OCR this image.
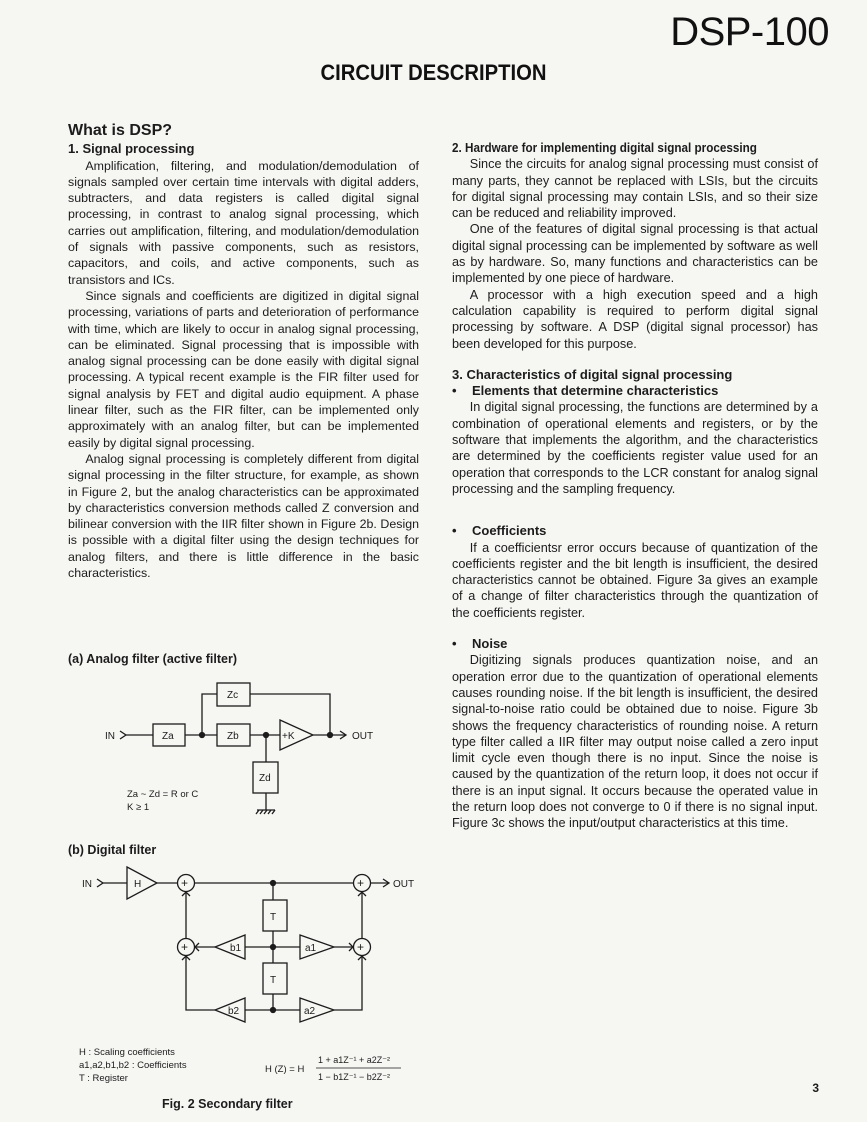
DSP-100
CIRCUIT DESCRIPTION
What is DSP?
1. Signal processing

Amplification, filtering, and modulation/demodulation of signals sampled over certain time intervals with digital adders, subtracters, and data registers is called digital signal processing, in contrast to analog signal processing, which carries out amplification, filtering, and modulation/demodulation of signals with passive components, such as resistors, capacitors, and coils, and active components, such as transistors and ICs.

Since signals and coefficients are digitized in digital signal processing, variations of parts and deterioration of performance with time, which are likely to occur in analog signal processing, can be eliminated. Signal processing that is impossible with analog signal processing can be done easily with digital signal processing. A typical recent example is the FIR filter used for signal analysis by FET and digital audio equipment. A phase linear filter, such as the FIR filter, can be implemented only approximately with an analog filter, but can be implemented easily by digital signal processing.

Analog signal processing is completely different from digital signal processing in the filter structure, for example, as shown in Figure 2, but the analog characteristics can be approximated by characteristics conversion methods called Z conversion and bilinear conversion with the IIR filter shown in Figure 2b. Design is possible with a digital filter using the design techniques for analog filters, and there is little difference in the basic characteristics.

(a) Analog filter (active filter)
(b) Digital filter
IN	Za	Zb
Zc
+K	OUT
Zd
Za ~ Zd = R or C
K ≥ 1
IN	H	+	+	OUT
T
T
+	b1	a1	+
b2	a2
H : Scaling coefficients
a1,a2,b1,b2 : Coefficients
T : Register
H (Z) = H
1 + a1Z⁻¹ + a2Z⁻²
1 − b1Z⁻¹ − b2Z⁻²
Fig. 2 Secondary filter
2. Hardware for implementing digital signal processing

Since the circuits for analog signal processing must consist of many parts, they cannot be replaced with LSIs, but the circuits for digital signal processing may contain LSIs, and so their size can be reduced and reliability improved.

One of the features of digital signal processing is that actual digital signal processing can be implemented by software as well as by hardware. So, many functions and characteristics can be implemented by one piece of hardware.

A processor with a high execution speed and a high calculation capability is required to perform digital signal processing by software. A DSP (digital signal processor) has been developed for this purpose.

3. Characteristics of digital signal processing
•	Elements that determine characteristics

In digital signal processing, the functions are determined by a combination of operational elements and registers, or by the software that implements the algorithm, and the characteristics are determined by the coefficients register value used for an operation that corresponds to the LCR constant for analog signal processing and the sampling frequency.

•	Coefficients

If a coefficientsr error occurs because of quantization of the coefficients register and the bit length is insufficient, the desired characteristics cannot be obtained. Figure 3a gives an example of a change of filter characteristics through the quantization of the coefficients register.

•	Noise

Digitizing signals produces quantization noise, and an operation error due to the quantization of operational elements causes rounding noise. If the bit length is insufficient, the desired signal-to-noise ratio could be obtained due to noise. Figure 3b shows the frequency characteristics of rounding noise. A return type filter called a IIR filter may output noise called a zero input limit cycle even though there is no input. Since the noise is caused by the quantization of the return loop, it does not occur if there is an input signal. It occurs because the operated value in the return loop does not converge to 0 if there is no signal input. Figure 3c shows the input/output characteristics at this time.

3
